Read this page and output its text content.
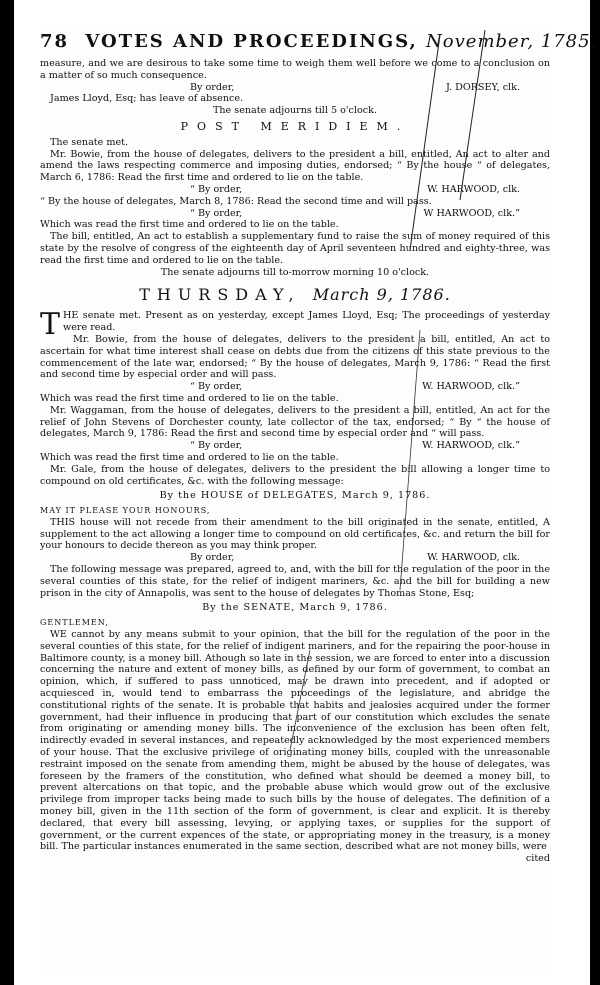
78 VOTES AND PROCEEDINGS, November, 1785.

measure, and we are desirous to take some time to weigh them well before we come to a conclusion on a matter of so much consequence.

By order,	J. DORSEY, clk.

James Lloyd, Esq; has leave of absence.

The senate adjourns till 5 o'clock.

POST MERIDIEM.

The senate met.

Mr. Bowie, from the house of delegates, delivers to the president a bill, entitled, An act to alter and amend the laws respecting commerce and imposing duties, endorsed; “ By the house “ of delegates, March 6, 1786: Read the first time and ordered to lie on the table.

“ By order,	W. HARWOOD, clk.

“ By the house of delegates, March 8, 1786: Read the second time and will pass.

“ By order,	W HARWOOD, clk.”

Which was read the first time and ordered to lie on the table.

The bill, entitled, An act to establish a supplementary fund to raise the sum of money required of this state by the resolve of congress of the eighteenth day of April seventeen hundred and eighty-three, was read the first time and ordered to lie on the table.

The senate adjourns till to-morrow morning 10 o'clock.

THURSDAY, March 9, 1786.

THE senate met. Present as on yesterday, except James Lloyd, Esq; The proceedings of yesterday were read.

Mr. Bowie, from the house of delegates, delivers to the president a bill, entitled, An act to ascertain for what time interest shall cease on debts due from the citizens of this state previous to the commencement of the late war, endorsed; “ By the house of delegates, March 9, 1786: “ Read the first and second time by especial order and will pass.

“ By order,	W. HARWOOD, clk.”

Which was read the first time and ordered to lie on the table.

Mr. Waggaman, from the house of delegates, delivers to the president a bill, entitled, An act for the relief of John Stevens of Dorchester county, late collector of the tax, endorsed; “ By “ the house of delegates, March 9, 1786: Read the first and second time by especial order and “ will pass.

“ By order,	W. HARWOOD, clk.”

Which was read the first time and ordered to lie on the table.

Mr. Gale, from the house of delegates, delivers to the president the bill allowing a longer time to compound on old certificates, &c. with the following message:

By the HOUSE of DELEGATES, March 9, 1786.

MAY IT PLEASE YOUR HONOURS,

THIS house will not recede from their amendment to the bill originated in the senate, entitled, A supplement to the act allowing a longer time to compound on old certificates, &c. and return the bill for your honours to decide thereon as you may think proper.

By order,	W. HARWOOD, clk.

The following message was prepared, agreed to, and, with the bill for the regulation of the poor in the several counties of this state, for the relief of indigent mariners, &c. and the bill for building a new prison in the city of Annapolis, was sent to the house of delegates by Thomas Stone, Esq;

By the SENATE, March 9, 1786.

GENTLEMEN,

WE cannot by any means submit to your opinion, that the bill for the regulation of the poor in the several counties of this state, for the relief of indigent mariners, and for the repairing the poor-house in Baltimore county, is a money bill. Athough so late in the session, we are forced to enter into a discussion concerning the nature and extent of money bills, as defined by our form of government, to combat an opinion, which, if suffered to pass unnoticed, may be drawn into precedent, and if adopted or acquiesced in, would tend to embarrass the proceedings of the legislature, and abridge the constitutional rights of the senate. It is probable that habits and jealosies acquired under the former government, had their influence in producing that part of our constitution which excludes the senate from originating or amending money bills. The inconvenience of the exclusion has been often felt, indirectly evaded in several instances, and repeatedly acknowledged by the most experienced members of your house. That the exclusive privilege of originating money bills, coupled with the unreasonable restraint imposed on the senate from amending them, might be abused by the house of delegates, was foreseen by the framers of the constitution, who defined what should be deemed a money bill, to prevent altercations on that topic, and the probable abuse which would grow out of the exclusive privilege from improper tacks being made to such bills by the house of delegates. The definition of a money bill, given in the 11th section of the form of government, is clear and explicit. It is thereby declared, that every bill assessing, levying, or applying taxes, or supplies for the support of government, or the current expences of the state, or appropriating money in the treasury, is a money bill. The particular instances enumerated in the same section, described what are not money bills, were

cited
